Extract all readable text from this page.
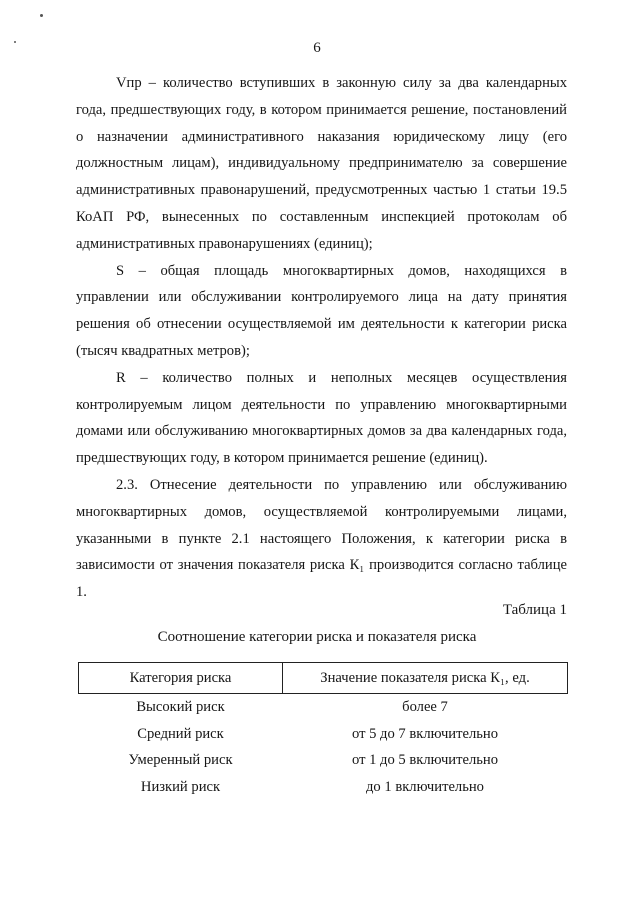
6

Vпр – количество вступивших в законную силу за два календарных года, предшествующих году, в котором принимается решение, постановлений о назначении административного наказания юридическому лицу (его должностным лицам), индивидуальному предпринимателю за совершение административных правонарушений, предусмотренных частью 1 статьи 19.5 КоАП РФ, вынесенных по составленным инспекцией протоколам об административных правонарушениях (единиц);

S – общая площадь многоквартирных домов, находящихся в управлении или обслуживании контролируемого лица на дату принятия решения об отнесении осуществляемой им деятельности к категории риска (тысяч квадратных метров);

R – количество полных и неполных месяцев осуществления контролируемым лицом деятельности по управлению многоквартирными домами или обслуживанию многоквартирных домов за два календарных года, предшествующих году, в котором принимается решение (единиц).

2.3. Отнесение деятельности по управлению или обслуживанию многоквартирных домов, осуществляемой контролируемыми лицами, указанными в пункте 2.1 настоящего Положения, к категории риска в зависимости от значения показателя риска К₁ производится согласно таблице 1.

Таблица 1
Соотношение категории риска и показателя риска
Категория риска	Значение показателя риска К₁, ед.
Высокий риск	более 7
Средний риск	от 5 до 7 включительно
Умеренный риск	от 1 до 5 включительно
Низкий риск	до 1 включительно
